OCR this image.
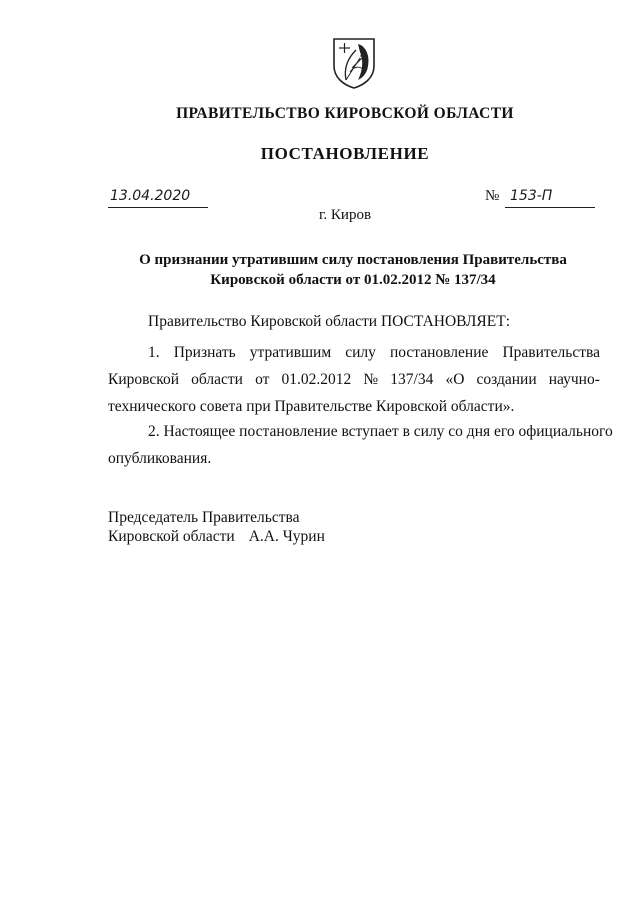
ПРАВИТЕЛЬСТВО КИРОВСКОЙ ОБЛАСТИ
ПОСТАНОВЛЕНИЕ
13.04.2020	№ 153-П
г. Киров
О признании утратившим силу постановления Правительства
Кировской области от 01.02.2012 № 137/34
Правительство Кировской области ПОСТАНОВЛЯЕТ:
1. Признать утратившим силу постановление Правительства
Кировской области от 01.02.2012 № 137/34 «О создании научно-
технического совета при Правительстве Кировской области».
2. Настоящее постановление вступает в силу со дня его официального
опубликования.
Председатель Правительства
Кировской области А.А. Чурин
